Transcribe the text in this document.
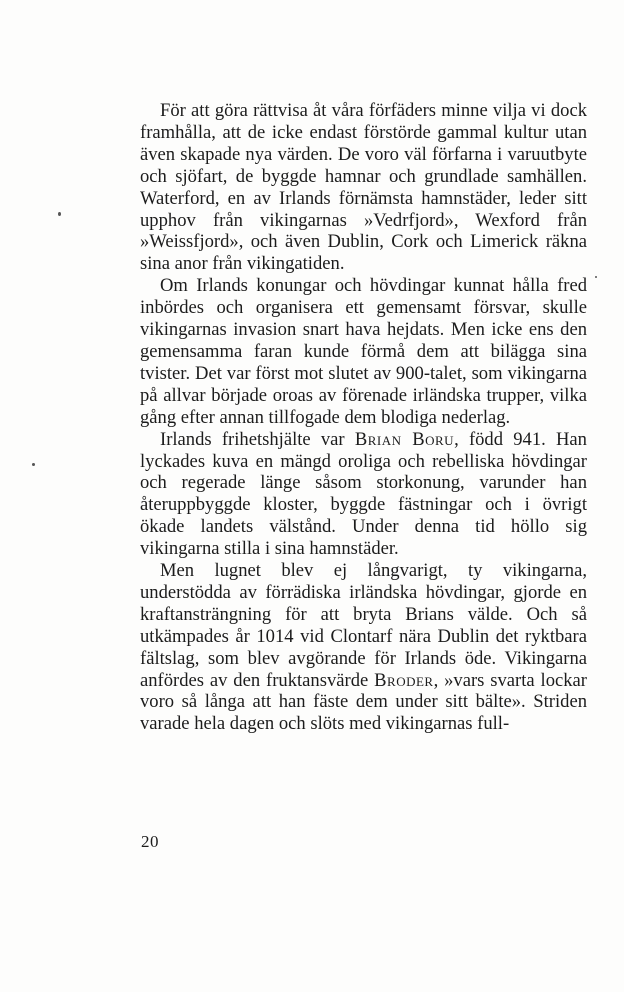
För att göra rättvisa åt våra förfäders minne vilja vi dock framhålla, att de icke endast förstörde gammal kultur utan även skapade nya värden. De voro väl förfarna i varuutbyte och sjöfart, de byggde hamnar och grundlade samhällen. Waterford, en av Irlands förnämsta hamnstäder, leder sitt upphov från vikingarnas »Vedrfjord», Wexford från »Weissfjord», och även Dublin, Cork och Limerick räkna sina anor från vikingatiden.

Om Irlands konungar och hövdingar kunnat hålla fred inbördes och organisera ett gemensamt försvar, skulle vikingarnas invasion snart hava hejdats. Men icke ens den gemensamma faran kunde förmå dem att bilägga sina tvister. Det var först mot slutet av 900-talet, som vikingarna på allvar började oroas av förenade irländska trupper, vilka gång efter annan tillfogade dem blodiga nederlag.

Irlands frihetshjälte var Brian Boru, född 941. Han lyckades kuva en mängd oroliga och rebelliska hövdingar och regerade länge såsom storkonung, varunder han återuppbyggde kloster, byggde fästningar och i övrigt ökade landets välstånd. Under denna tid höllo sig vikingarna stilla i sina hamnstäder.

Men lugnet blev ej långvarigt, ty vikingarna, understödda av förrädiska irländska hövdingar, gjorde en kraftansträngning för att bryta Brians välde. Och så utkämpades år 1014 vid Clontarf nära Dublin det ryktbara fältslag, som blev avgörande för Irlands öde. Vikingarna anfördes av den fruktansvärde Broder, »vars svarta lockar voro så långa att han fäste dem under sitt bälte». Striden varade hela dagen och slöts med vikingarnas full-

20
